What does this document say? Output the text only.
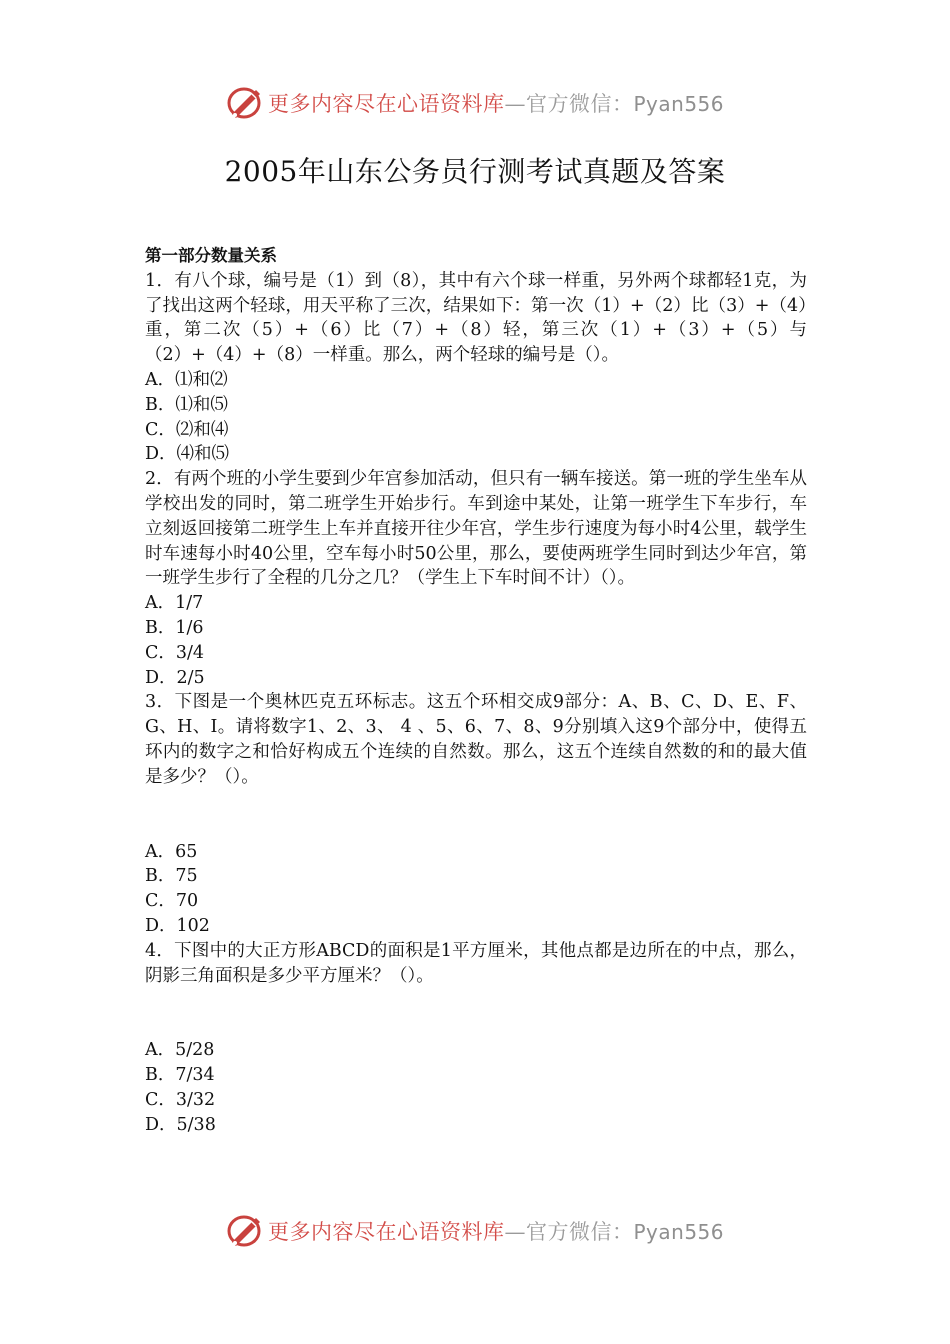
更多内容尽在心语资料库—官方微信：Pyan556
2005年山东公务员行测考试真题及答案

第一部分数量关系

1．有八个球，编号是（1）到（8），其中有六个球一样重，另外两个球都轻1克，为了找出这两个轻球，用天平称了三次，结果如下：第一次（1）+（2）比（3）+（4）重，第二次（5）+（6）比（7）+（8）轻，第三次（1）+（3）+（5）与（2）+（4）+（8）一样重。那么，两个轻球的编号是（）。

A．⑴和⑵

B．⑴和⑸

C．⑵和⑷

D．⑷和⑸

2．有两个班的小学生要到少年宫参加活动，但只有一辆车接送。第一班的学生坐车从学校出发的同时，第二班学生开始步行。车到途中某处，让第一班学生下车步行，车立刻返回接第二班学生上车并直接开往少年宫，学生步行速度为每小时4公里，载学生时车速每小时40公里，空车每小时50公里，那么，要使两班学生同时到达少年宫，第一班学生步行了全程的几分之几？（学生上下车时间不计）（）。

A．1/7

B．1/6

C．3/4

D．2/5

3．下图是一个奥林匹克五环标志。这五个环相交成9部分：A、B、C、D、E、F、G、H、I。请将数字1、2、3、 4 、5、6、7、8、9分别填入这9个部分中，使得五环内的数字之和恰好构成五个连续的自然数。那么，这五个连续自然数的和的最大值是多少？（）。

A．65

B．75

C．70

D．102

4．下图中的大正方形ABCD的面积是1平方厘米，其他点都是边所在的中点，那么，阴影三角面积是多少平方厘米？（）。

A．5/28

B．7/34

C．3/32

D．5/38

更多内容尽在心语资料库—官方微信：Pyan556
